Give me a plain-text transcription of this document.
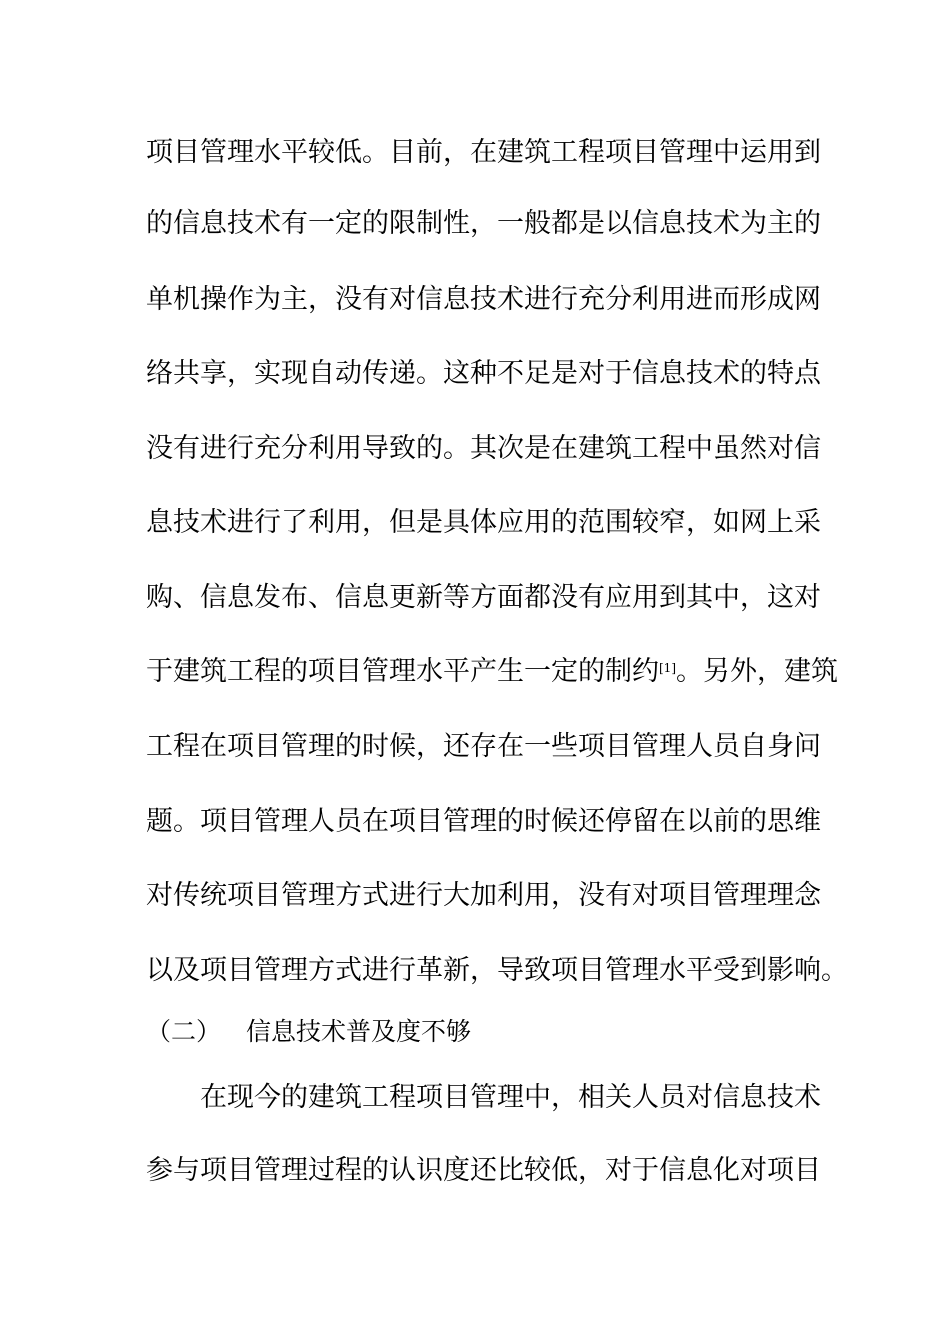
项目管理水平较低。目前，在建筑工程项目管理中运用到
的信息技术有一定的限制性，一般都是以信息技术为主的
单机操作为主，没有对信息技术进行充分利用进而形成网
络共享，实现自动传递。这种不足是对于信息技术的特点
没有进行充分利用导致的。其次是在建筑工程中虽然对信
息技术进行了利用，但是具体应用的范围较窄，如网上采
购、信息发布、信息更新等方面都没有应用到其中，这对
于建筑工程的项目管理水平产生一定的制约[1]。另外，建筑
工程在项目管理的时候，还存在一些项目管理人员自身问
题。项目管理人员在项目管理的时候还停留在以前的思维
对传统项目管理方式进行大加利用，没有对项目管理理念
以及项目管理方式进行革新，导致项目管理水平受到影响。
（二） 信息技术普及度不够
在现今的建筑工程项目管理中，相关人员对信息技术
参与项目管理过程的认识度还比较低，对于信息化对项目
